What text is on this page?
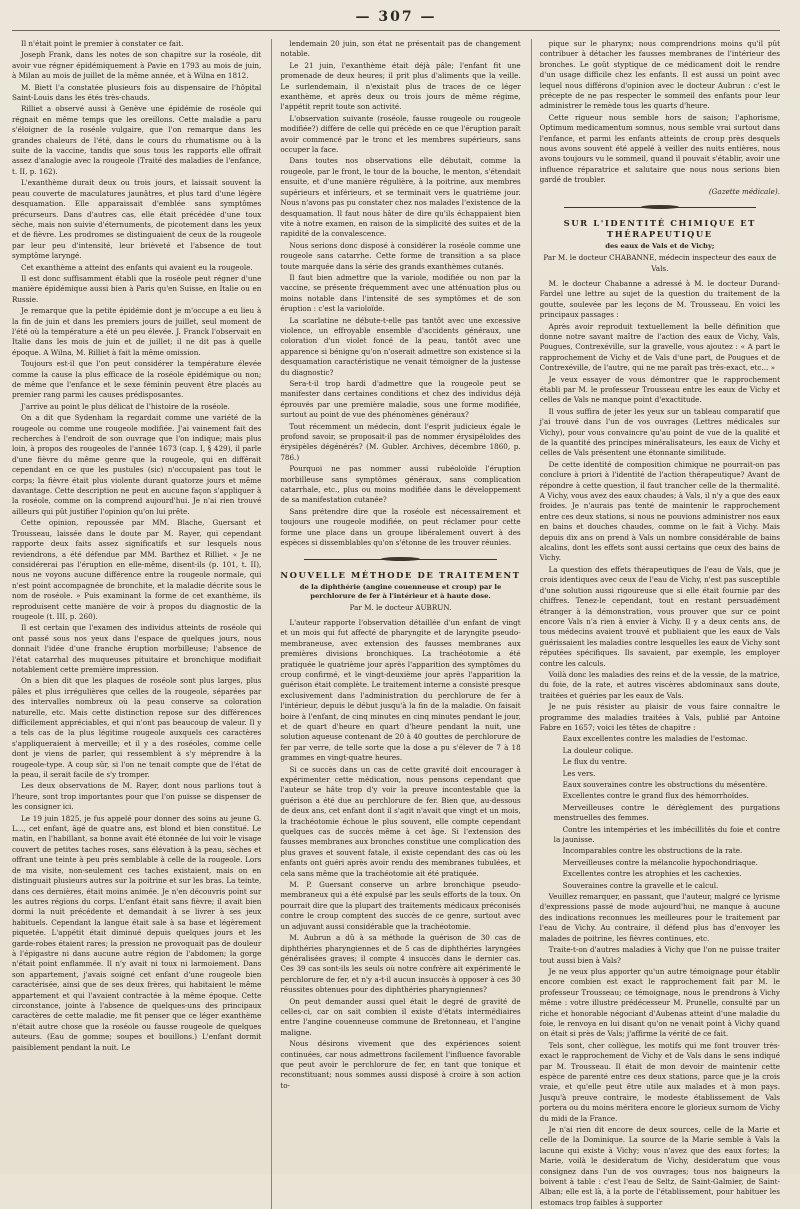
— 307 —

Il n'était point le premier à constater ce fait.

Joseph Frank, dans les notes de son chapitre sur la roséole, dit avoir vue régner épidémiquement à Pavie en 1793 au mois de juin, à Milan au mois de juillet de la même année, et à Wilna en 1812.

M. Biett l'a constatée plusieurs fois au dispensaire de l'hôpital Saint-Louis dans les étés très-chauds.

Rilliet a observé aussi à Genève une épidémie de roséole qui régnait en même temps que les oreillons. Cette maladie a paru s'éloigner de la roséole vulgaire, que l'on remarque dans les grandes chaleurs de l'été, dans le cours du rhumatisme ou à la suite de la vaccine, tandis que sous tous les rapports elle offrait assez d'analogie avec la rougeole (Traité des maladies de l'enfance, t. II, p. 162).

L'exanthème durait deux ou trois jours, et laissait souvent la peau couverte de maculatures jaunâtres, et plus tard d'une légère desquamation. Elle apparaissait d'emblée sans symptômes précurseurs. Dans d'autres cas, elle était précédée d'une toux sèche, mais non suivie d'éternuments, de picotement dans les yeux et de fièvre. Les prodromes se distinguaient de ceux de la rougeole par leur peu d'intensité, leur brièveté et l'absence de tout symptôme laryngé.

Cet exanthème a atteint des enfants qui avaient eu la rougeole.

Il est donc suffisamment établi que la roséole peut régner d'une manière épidémique aussi bien à Paris qu'en Suisse, en Italie ou en Russie.

Je remarque que la petite épidémie dont je m'occupe a eu lieu à la fin de juin et dans les premiers jours de juillet, seul moment de l'été où la température a été un peu élevée. J. Franck l'observait en Italie dans les mois de juin et de juillet; il ne dit pas à quelle époque. A Wilna, M. Rilliet à fait la même omission.

Toujours est-il que l'on peut considérer la température élevée comme la cause la plus efficace de la roséole épidémique ou non; de même que l'enfance et le sexe féminin peuvent être placés au premier rang parmi les causes prédisposantes.

J'arrive au point le plus délicat de l'histoire de la roséole.

On a dit que Sydenham la regardait comme une variété de la rougeole ou comme une rougeole modifiée. J'ai vainement fait des recherches à l'endroit de son ouvrage que l'on indique; mais plus loin, à propos des rougeoles de l'année 1673 (cap. I, § 429), il parle d'une fièvre du même genre que la rougeole, qui en différait cependant en ce que les pustules (sic) n'occupaient pas tout le corps; la fièvre était plus violente durant quatorze jours et même davantage. Cette description ne peut en aucune façon s'appliquer à la roséole, comme on la comprend aujourd'hui. Je n'ai rien trouvé ailleurs qui pût justifier l'opinion qu'on lui prête.

Cette opinion, repoussée par MM. Blache, Guersant et Trousseau, laissée dans le doute par M. Rayer, qui cependant rapporte deux faits assez significatifs et sur lesquels nous reviendrons, a été défendue par MM. Barthez et Rilliet. « Je ne considérerai pas l'éruption en elle-même, disent-ils (p. 101, t. II), nous ne voyons aucune différence entre la rougeole normale, qui n'est point accompagnée de bronchite, et la maladie décrite sous le nom de roséole. » Puis examinant la forme de cet exanthème, ils reproduisent cette manière de voir à propos du diagnostic de la rougeole (t. III, p. 260).

Il est certain que l'examen des individus atteints de roséole qui ont passé sous nos yeux dans l'espace de quelques jours, nous donnait l'idée d'une franche éruption morbilleuse; l'absence de l'état catarrhal des muqueuses pituitaire et bronchique modifiait notablement cette première impression.

On a bien dit que les plaques de roséole sont plus larges, plus pâles et plus irrégulières que celles de la rougeole, séparées par des intervalles nombreux où la peau conserve sa coloration naturelle, etc. Mais cette distinction repose sur des différences difficilement appréciables, et qui n'ont pas beaucoup de valeur. Il y a tels cas de la plus légitime rougeole auxquels ces caractères s'appliqueraient à merveille; et il y a des roséoles, comme celle dont je viens de parler, qui ressemblent à s'y méprendre à la rougeole-type. A coup sûr, si l'on ne tenait compte que de l'état de la peau, il serait facile de s'y tromper.

Les deux observations de M. Rayer, dont nous parlions tout à l'heure, sont trop importantes pour que l'on puisse se dispenser de les consigner ici.

Le 19 juin 1825, je fus appelé pour donner des soins au jeune G. L..., cet enfant, âgé de quatre ans, est blond et bien constitué. Le matin, en l'habillant, sa bonne avait été étonnée de lui voir le visage couvert de petites taches roses, sans élévation à la peau, sèches et offrant une teinte à peu près semblable à celle de la rougeole. Lors de ma visite, non-seulement ces taches existaient, mais on en distinguait plusieurs autres sur la poitrine et sur les bras. La teinte, dans ces dernières, était moins animée. Je n'en découvris point sur les autres régions du corps. L'enfant était sans fièvre; il avait bien dormi la nuit précédente et demandait à se livrer à ses jeux habituels. Cependant la langue était sale à sa base et légèrement piquetée. L'appétit était diminué depuis quelques jours et les garde-robes étaient rares; la pression ne provoquait pas de douleur à l'épigastre ni dans aucune autre région de l'abdomen; la gorge n'était point enflammée. Il n'y avait ni toux ni larmoiement. Dans son appartement, j'avais soigné cet enfant d'une rougeole bien caractérisée, ainsi que de ses deux frères, qui habitaient le même appartement et qui l'avaient contractée à la même époque. Cette circonstance, jointe à l'absence de quelques-uns des principaux caractères de cette maladie, me fit penser que ce léger exanthème n'était autre chose que la roséole ou fausse rougeole de quelques auteurs. (Eau de gomme; soupes et bouillons.) L'enfant dormit paisiblement pendant la nuit. Le

lendemain 20 juin, son état ne présentait pas de changement notable.

Le 21 juin, l'exanthème était déjà pâle; l'enfant fit une promenade de deux heures; il prit plus d'aliments que la veille. Le surlendemain, il n'existait plus de traces de ce léger exanthème, et après deux ou trois jours de même régime, l'appétit reprit toute son activité.

L'observation suivante (roséole, fausse rougeole ou rougeole modifiée?) diffère de celle qui précède en ce que l'éruption paraît avoir commencé par le tronc et les membres supérieurs, sans occuper la face.

Dans toutes nos observations elle débutait, comme la rougeole, par le front, le tour de la bouche, le menton, s'étendait ensuite, et d'une manière régulière, à la poitrine, aux membres supérieurs et inférieurs, et se terminait vers le quatrième jour. Nous n'avons pas pu constater chez nos malades l'existence de la desquamation. Il faut nous hâter de dire qu'ils échappaient bien vite à notre examen, en raison de la simplicité des suites et de la rapidité de la convalescence.

Nous serions donc disposé à considérer la roséole comme une rougeole sans catarrhe. Cette forme de transition a sa place toute marquée dans la série des grands exanthèmes cutanés.

Il faut bien admettre que la variole, modifiée ou non par la vaccine, se présente fréquemment avec une atténuation plus ou moins notable dans l'intensité de ses symptômes et de son éruption : c'est la varioloïde.

La scarlatine ne débute-t-elle pas tantôt avec une excessive violence, un effroyable ensemble d'accidents généraux, une coloration d'un violet foncé de la peau, tantôt avec une apparence si bénigne qu'on n'oserait admettre son existence si la desquamation caractéristique ne venait témoigner de la justesse du diagnostic?

Sera-t-il trop hardi d'admettre que la rougeole peut se manifester dans certaines conditions et chez des individus déjà éprouvés par une première maladie, sous une forme modifiée, surtout au point de vue des phénomènes généraux?

Tout récemment un médecin, dont l'esprit judicieux égale le profond savoir, se proposait-il pas de nommer érysipéloïdes des érysipèles dégénérés? (M. Gubler. Archives, décembre 1860, p. 786.)

Pourquoi ne pas nommer aussi rubéoloïde l'éruption morbilleuse sans symptômes généraux, sans complication catarrhale, etc., plus ou moins modifiée dans le développement de sa manifestation cutanée?

Sans prétendre dire que la roséole est nécessairement et toujours une rougeole modifiée, on peut réclamer pour cette forme une place dans un groupe libéralement ouvert à des espèces si dissemblables qu'on s'étonne de les trouver réunies.

NOUVELLE MÉTHODE DE TRAITEMENT
de la diphthérie (angine couenneuse et croup) par le perchlorure de fer à l'intérieur et à haute dose.
Par M. le docteur AUBRUN.

L'auteur rapporte l'observation détaillée d'un enfant de vingt et un mois qui fut affecté de pharyngite et de laryngite pseudo-membraneuse, avec extension des fausses membranes aux premières divisions bronchiques. La trachéotomie a été pratiquée le quatrième jour après l'apparition des symptômes du croup confirmé, et le vingt-deuxième jour après l'apparition la guérison était complète. Le traitement interne a consisté presque exclusivement dans l'administration du perchlorure de fer à l'intérieur, depuis le début jusqu'à la fin de la maladie. On faisait boire à l'enfant, de cinq minutes en cinq minutes pendant le jour, et de quart d'heure en quart d'heure pendant la nuit, une solution aqueuse contenant de 20 à 40 gouttes de perchlorure de fer par verre, de telle sorte que la dose a pu s'élever de 7 à 18 grammes en vingt-quatre heures.

Si ce succès dans un cas de cette gravité doit encourager à expérimenter cette médication, nous pensons cependant que l'auteur se hâte trop d'y voir la preuve incontestable que la guérison a été due au perchlorure de fer. Bien que, au-dessous de deux ans, cet enfant dont il s'agit n'avait que vingt et un mois, la trachéotomie échoue le plus souvent, elle compte cependant quelques cas de succès même à cet âge. Si l'extension des fausses membranes aux bronches constitue une complication des plus graves et souvent fatale, il existe cependant des cas où les enfants ont guéri après avoir rendu des membranes tubulées, et cela sans même que la trachéotomie ait été pratiquée.

M. P. Guersant conserve un arbre bronchique pseudo-membraneux qui a été expulsé par les seuls efforts de la toux. On pourrait dire que la plupart des traitements médicaux préconisés contre le croup comptent des succès de ce genre, surtout avec un adjuvant aussi considérable que la trachéotomie.

M. Aubrun a dû à sa méthode la guérison de 30 cas de diphthéries pharyngiennes et de 5 cas de diphthéries laryngées généralisées graves; il compte 4 insuccès dans le dernier cas. Ces 39 cas sont-ils les seuls où notre confrère ait expérimenté le perchlorure de fer, et n'y a-t-il aucun insuccès à opposer à ces 30 réussites obtenues pour des diphthéries pharyngiennes?

On peut demander aussi quel était le degré de gravité de celles-ci, car on sait combien il existe d'états intermédiaires entre l'angine couenneuse commune de Bretonneau, et l'angine maligne.

Nous désirons vivement que des expériences soient continuées, car nous admettrons facilement l'influence favorable que peut avoir le perchlorure de fer, en tant que tonique et reconstituant; nous sommes aussi disposé à croire à son action to-

pique sur le pharynx; nous comprendrions moins qu'il pût contribuer à détacher les fausses membranes de l'intérieur des bronches. Le goût styptique de ce médicament doit le rendre d'un usage difficile chez les enfants. Il est aussi un point avec lequel nous différons d'opinion avec le docteur Aubrun : c'est le précepte de ne pas respecter le sommeil des enfants pour leur administrer le remède tous les quarts d'heure.

Cette rigueur nous semble hors de saison; l'aphorisme, Optimum medicamentum somnus, nous semble vrai surtout dans l'enfance, et parmi les enfants atteints de croup près desquels nous avons souvent été appelé à veiller des nuits entières, nous avons toujours vu le sommeil, quand il pouvait s'établir, avoir une influence réparatrice et salutaire que nous nous serions bien gardé de troubler.

(Gazette médicale).

SUR L'IDENTITÉ CHIMIQUE ET THÉRAPEUTIQUE
des eaux de Vals et de Vichy;
Par M. le docteur CHABANNE, médecin inspecteur des eaux de Vals.

M. le docteur Chabanne a adressé à M. le docteur Durand-Fardel une lettre au sujet de la question du traitement de la goutte, soulevée par les leçons de M. Trousseau. En voici les principaux passages :

Après avoir reproduit textuellement la belle définition que donne notre savant maître de l'action des eaux de Vichy, Vals, Pougues, Contrexéville, sur la gravelle, vous ajoutez : « A part le rapprochement de Vichy et de Vals d'une part, de Pougues et de Contrexéville, de l'autre, qui ne me paraît pas très-exact, etc... »

Je veux essayer de vous démontrer que le rapprochement établi par M. le professeur Trousseau entre les eaux de Vichy et celles de Vals ne manque point d'exactitude.

Il vous suffira de jeter les yeux sur un tableau comparatif que j'ai trouvé dans l'un de vos ouvrages (Lettres médicales sur Vichy), pour vous convaincre qu'au point de vue de la qualité et de la quantité des principes minéralisateurs, les eaux de Vichy et celles de Vals présentent une étonnante similitude.

De cette identité de composition chimique ne pourrait-on pas conclure à priori à l'identité de l'action thérapeutique? Avant de répondre à cette question, il faut trancher celle de la thermalité. A Vichy, vous avez des eaux chaudes; à Vals, il n'y a que des eaux froides. Je n'aurais pas tenté de maintenir le rapprochement entre ces deux stations, si nous ne pouvions administrer nos eaux en bains et douches chaudes, comme on le fait à Vichy. Mais depuis dix ans on prend à Vals un nombre considérable de bains alcalins, dont les effets sont aussi certains que ceux des bains de Vichy.

La question des effets thérapeutiques de l'eau de Vals, que je crois identiques avec ceux de l'eau de Vichy, n'est pas susceptible d'une solution aussi rigoureuse que si elle était fournie par des chiffres. Tenez-le cependant, tout en restant persuadément étranger à la démonstration, vous prouver que sur ce point encore Vals n'a rien à envier à Vichy. Il y a deux cents ans, de tous médecins avaient trouvé et publiaient que les eaux de Vals guérissaient les maladies contre lesquelles les eaux de Vichy sont réputées spécifiques. Ils savaient, par exemple, les employer contre les calculs.

Voilà donc les maladies des reins et de la vessie, de la matrice, du foie, de la rate, et autres viscères abdominaux sans doute, traitées et guéries par les eaux de Vals.

Je ne puis résister au plaisir de vous faire connaître le programme des maladies traitées à Vals, publié par Antoine Fabre en 1657; voici les têtes de chapitre :

Eaux excellentes contre les maladies de l'estomac.

La douleur colique.

Le flux du ventre.

Les vers.

Eaux souveraines contre les obstructions du mésentère.

Excellentes contre le grand flux des hémorrhoïdes.

Merveilleuses contre le dérèglement des purgations menstruelles des femmes.

Contre les intempéries et les imbécillités du foie et contre la jaunisse.

Incomparables contre les obstructions de la rate.

Merveilleuses contre la mélancolie hypochondriaque.

Excellentes contre les atrophies et les cachexies.

Souveraines contre la gravelle et le calcul.

Veuillez remarquer, en passant, que l'auteur, malgré ce lyrisme d'expressions passé de mode aujourd'hui, ne manque à aucune des indications reconnues les meilleures pour le traitement par l'eau de Vichy. Au contraire, il défend plus bas d'envoyer les malades de poitrine, les fièvres continues, etc.

Traite-t-on d'autres maladies à Vichy que l'on ne puisse traiter tout aussi bien à Vals?

Je ne veux plus apporter qu'un autre témoignage pour établir encore combien est exact le rapprochement fait par M. le professeur Trousseau; ce témoignage, nous le prendrons à Vichy même : votre illustre prédécesseur M. Prunelle, consulté par un riche et honorable négociant d'Aubenas atteint d'une maladie du foie, le renvoya en lui disant qu'on ne venait point à Vichy quand on était si près de Vals; j'affirme la vérité de ce fait.

Tels sont, cher collègue, les motifs qui me font trouver très-exact le rapprochement de Vichy et de Vals dans le sens indiqué par M. Trousseau. Il était de mon devoir de maintenir cette espèce de parenté entre ces deux stations, parce que je la crois vraie, et qu'elle peut être utile aux malades et à mon pays. Jusqu'à preuve contraire, le modeste établissement de Vals portera ou du moins méritera encore le glorieux surnom de Vichy du midi de la France.

Je n'ai rien dit encore de deux sources, celle de la Marie et celle de la Dominique. La source de la Marie semble à Vals la lacune qui existe à Vichy; vous n'avez que des eaux fortes; la Marie, voilà le desideratum de Vichy, desideratum que vous consignez dans l'un de vos ouvrages; tous nos baigneurs la boivent à table : c'est l'eau de Seltz, de Saint-Galmier, de Saint-Alban; elle est là, à la porte de l'établissement, pour habituer les estomacs trop faibles à supporter
